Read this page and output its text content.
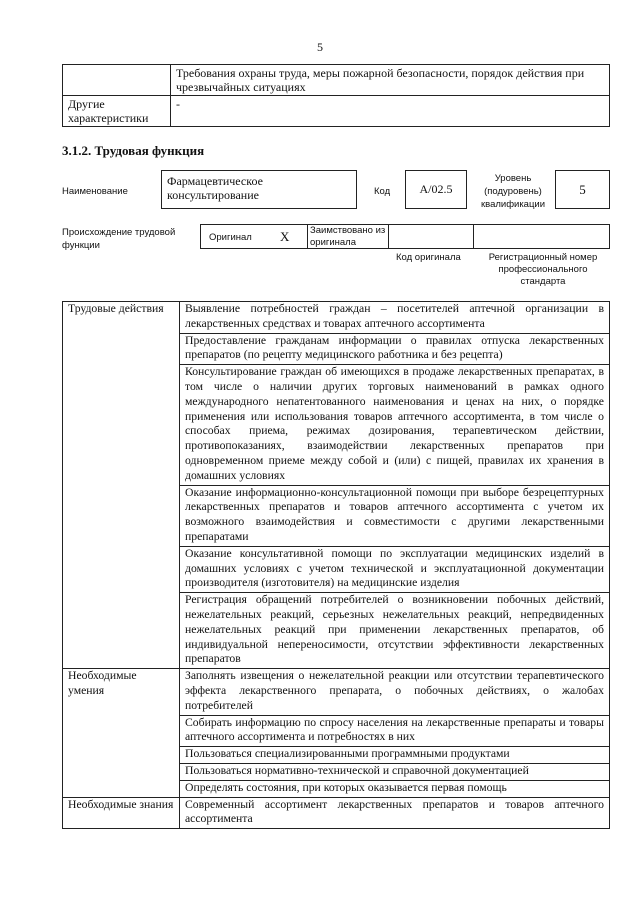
5
	Требования охраны труда, меры пожарной безопасности, порядок действия при чрезвычайных ситуациях
Другие характеристики	-
3.1.2. Трудовая функция
Наименование
Фармацевтическое консультирование	Код	А/02.5
Уровень (подуровень) квалификации
5
Происхождение трудовой функции
Оригинал X Заимствовано из оригинала
Код оригинала	Регистрационный номер профессионального стандарта
Трудовые действия	Выявление потребностей граждан – посетителей аптечной организации в лекарственных средствах и товарах аптечного ассортимента
	Предоставление гражданам информации о правилах отпуска лекарственных препаратов (по рецепту медицинского работника и без рецепта)
	Консультирование граждан об имеющихся в продаже лекарственных препаратах, в том числе о наличии других торговых наименований в рамках одного международного непатентованного наименования и ценах на них, о порядке применения или использования товаров аптечного ассортимента, в том числе о способах приема, режимах дозирования, терапевтическом действии, противопоказаниях, взаимодействии лекарственных препаратов при одновременном приеме между собой и (или) с пищей, правилах их хранения в домашних условиях
	Оказание информационно-консультационной помощи при выборе безрецептурных лекарственных препаратов и товаров аптечного ассортимента с учетом их возможного взаимодействия и совместимости с другими лекарственными препаратами
	Оказание консультативной помощи по эксплуатации медицинских изделий в домашних условиях с учетом технической и эксплуатационной документации производителя (изготовителя) на медицинские изделия
	Регистрация обращений потребителей о возникновении побочных действий, нежелательных реакций, серьезных нежелательных реакций, непредвиденных нежелательных реакций при применении лекарственных препаратов, об индивидуальной непереносимости, отсутствии эффективности лекарственных препаратов
Необходимые умения	Заполнять извещения о нежелательной реакции или отсутствии терапевтического эффекта лекарственного препарата, о побочных действиях, о жалобах потребителей
	Собирать информацию по спросу населения на лекарственные препараты и товары аптечного ассортимента и потребностях в них
	Пользоваться специализированными программными продуктами
	Пользоваться нормативно-технической и справочной документацией
	Определять состояния, при которых оказывается первая помощь
Необходимые знания	Современный ассортимент лекарственных препаратов и товаров аптечного ассортимента
